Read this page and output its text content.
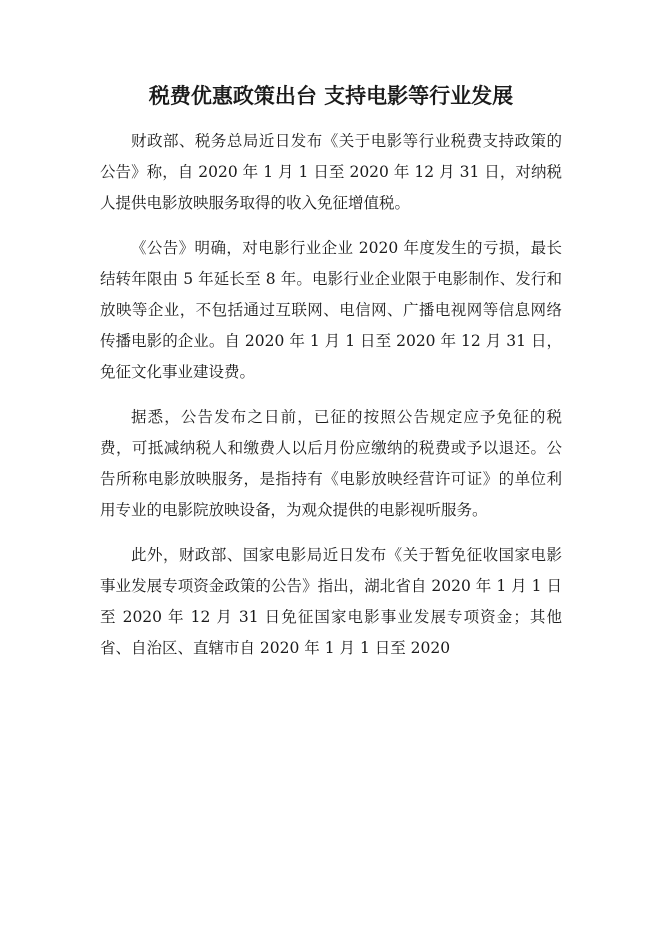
税费优惠政策出台 支持电影等行业发展

财政部、税务总局近日发布《关于电影等行业税费支持政策的公告》称，自 2020 年 1 月 1 日至 2020 年 12 月 31 日，对纳税人提供电影放映服务取得的收入免征增值税。

《公告》明确，对电影行业企业 2020 年度发生的亏损，最长结转年限由 5 年延长至 8 年。电影行业企业限于电影制作、发行和放映等企业，不包括通过互联网、电信网、广播电视网等信息网络传播电影的企业。自 2020 年 1 月 1 日至 2020 年 12 月 31 日，免征文化事业建设费。

据悉，公告发布之日前，已征的按照公告规定应予免征的税费，可抵减纳税人和缴费人以后月份应缴纳的税费或予以退还。公告所称电影放映服务，是指持有《电影放映经营许可证》的单位利用专业的电影院放映设备，为观众提供的电影视听服务。

此外，财政部、国家电影局近日发布《关于暂免征收国家电影事业发展专项资金政策的公告》指出，湖北省自 2020 年 1 月 1 日至 2020 年 12 月 31 日免征国家电影事业发展专项资金；其他省、自治区、直辖市自 2020 年 1 月 1 日至 2020
